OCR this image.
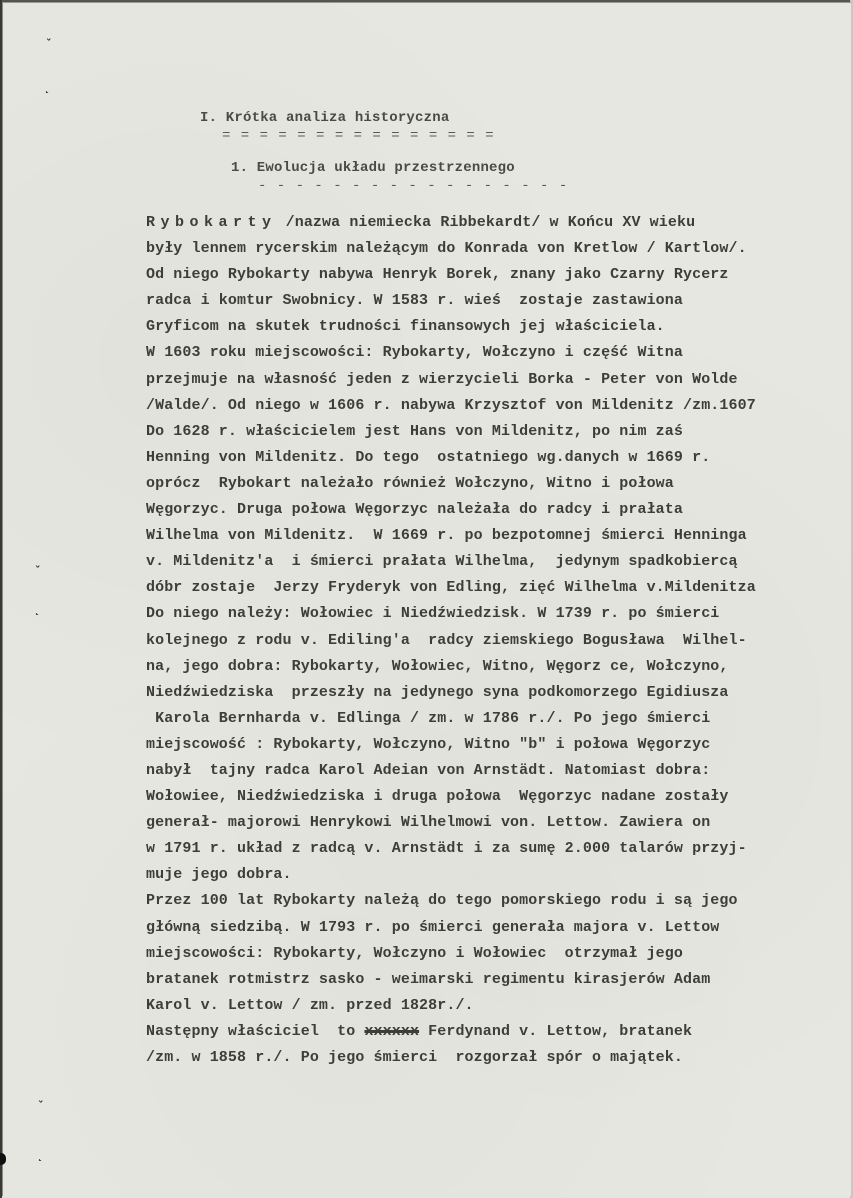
ˇ
˛
ˇ
˛
ˇ
˛
I. Krótka analiza historyczna
= = = = = = = = = = = = = = =
1. Ewolucja układu przestrzennego
- - - - - - - - - - - - - - - - -
Rybokarty /nazwa niemiecka Ribbekardt/ w Końcu XV wieku
były lennem rycerskim należącym do Konrada von Kretlow / Kartlow/.
Od niego Rybokarty nabywa Henryk Borek, znany jako Czarny Rycerz
radca i komtur Swobnicy. W 1583 r. wieś  zostaje zastawiona
Gryficom na skutek trudności finansowych jej właściciela.
W 1603 roku miejscowości: Rybokarty, Wołczyno i część Witna
przejmuje na własność jeden z wierzycieli Borka - Peter von Wolde
/Walde/. Od niego w 1606 r. nabywa Krzysztof von Mildenitz /zm.1607
Do 1628 r. właścicielem jest Hans von Mildenitz, po nim zaś
Henning von Mildenitz. Do tego  ostatniego wg.danych w 1669 r.
oprócz  Rybokart należało również Wołczyno, Witno i połowa
Węgorzyc. Druga połowa Węgorzyc należała do radcy i prałata
Wilhelma von Mildenitz.  W 1669 r. po bezpotomnej śmierci Henninga
v. Mildenitz'a  i śmierci prałata Wilhelma,  jedynym spadkobiercą
dóbr zostaje  Jerzy Fryderyk von Edling, zięć Wilhelma v.Mildenitza
Do niego należy: Wołowiec i Niedźwiedzisk. W 1739 r. po śmierci
kolejnego z rodu v. Ediling'a  radcy ziemskiego Bogusława  Wilhel-
na, jego dobra: Rybokarty, Wołowiec, Witno, Węgorz ce, Wołczyno,
Niedźwiedziska  przeszły na jedynego syna podkomorzego Egidiusza
Karola Bernharda v. Edlinga / zm. w 1786 r./. Po jego śmierci
miejscowość : Rybokarty, Wołczyno, Witno "b" i połowa Węgorzyc
nabył  tajny radca Karol Adeian von Arnstädt. Natomiast dobra:
Wołowiee, Niedźwiedziska i druga połowa  Węgorzyc nadane zostały
generał- majorowi Henrykowi Wilhelmowi von. Lettow. Zawiera on
w 1791 r. układ z radcą v. Arnstädt i za sumę 2.000 talarów przyj-
muje jego dobra.
Przez 100 lat Rybokarty należą do tego pomorskiego rodu i są jego
główną siedzibą. W 1793 r. po śmierci generała majora v. Lettow
miejscowości: Rybokarty, Wołczyno i Wołowiec  otrzymał jego
bratanek rotmistrz sasko - weimarski regimentu kirasjerów Adam
Karol v. Lettow / zm. przed 1828r./.
Następny właściciel  to xxxxxx Ferdynand v. Lettow, bratanek
/zm. w 1858 r./. Po jego śmierci  rozgorzał spór o majątek.
